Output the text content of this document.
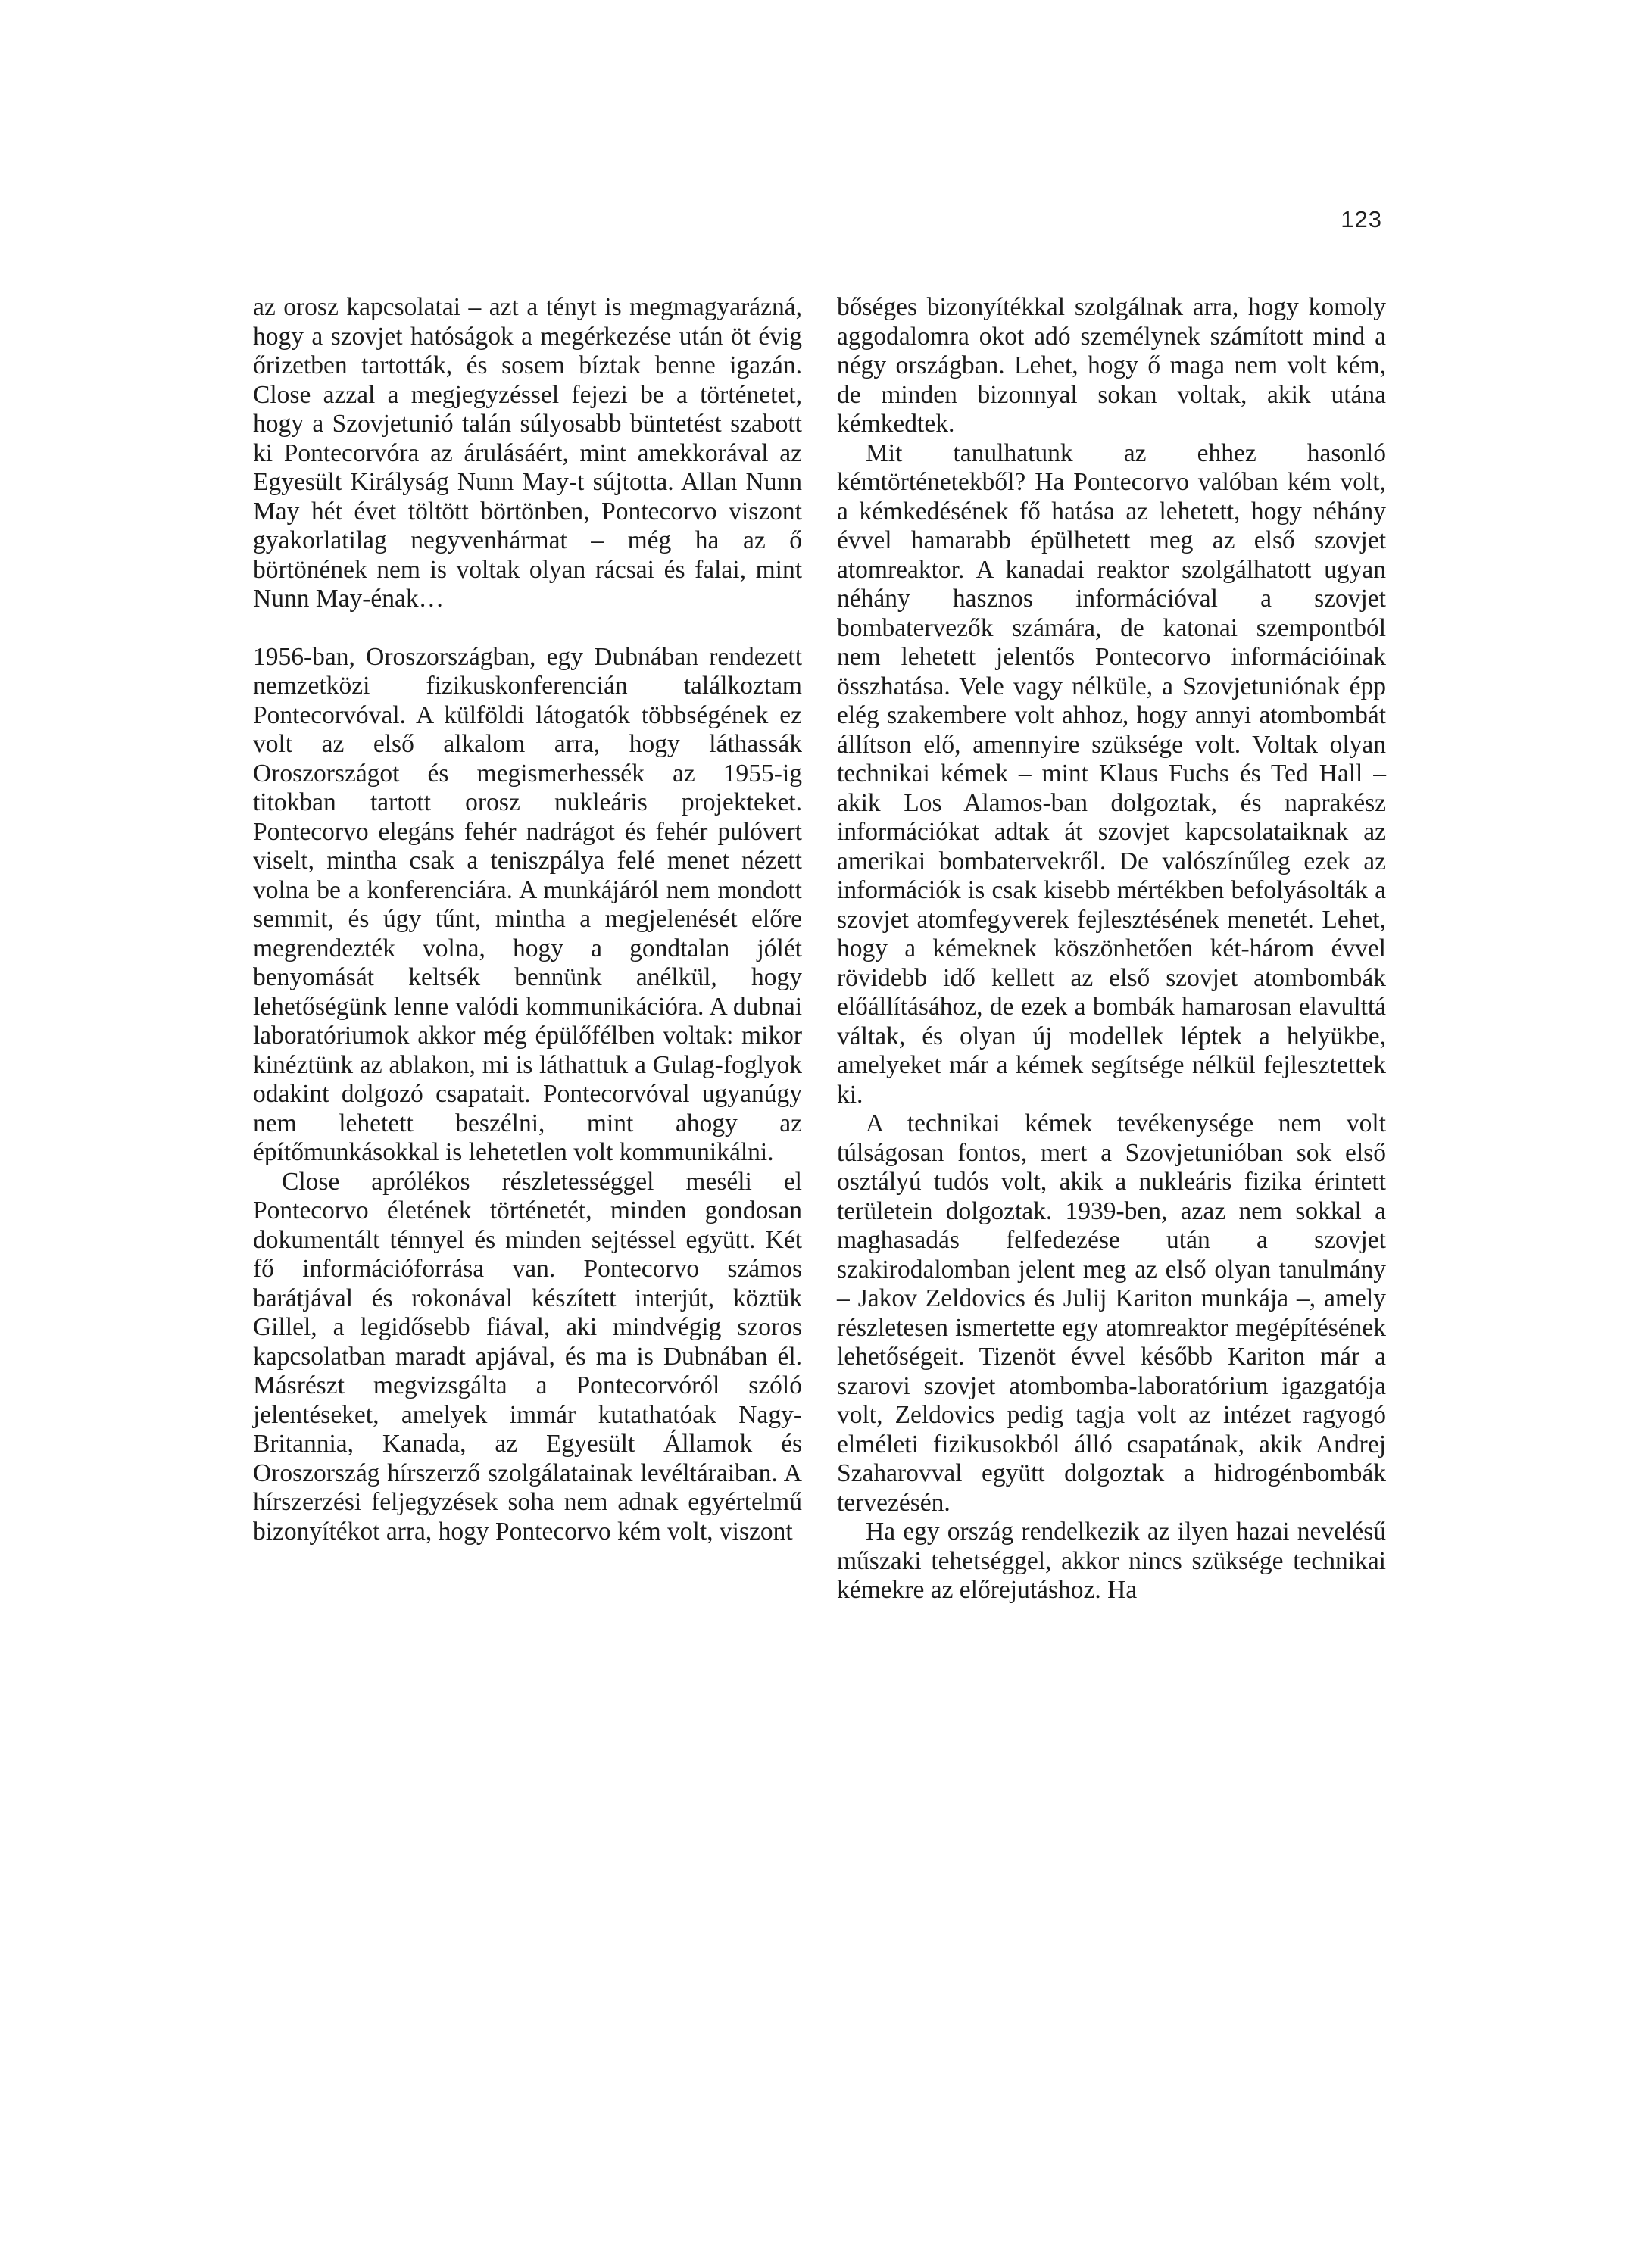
123

az orosz kapcsolatai – azt a tényt is megmagyarázná, hogy a szovjet hatóságok a megérkezése után öt évig őrizetben tartották, és sosem bíztak benne igazán. Close azzal a megjegyzéssel fejezi be a történetet, hogy a Szovjetunió talán súlyosabb büntetést szabott ki Pontecorvóra az árulásáért, mint amekkorával az Egyesült Királyság Nunn May-t sújtotta. Allan Nunn May hét évet töltött börtönben, Pontecorvo viszont gyakorlatilag negyvenhármat – még ha az ő börtönének nem is voltak olyan rácsai és falai, mint Nunn May-énak…

1956-ban, Oroszországban, egy Dubnában rendezett nemzetközi fizikuskonferencián találkoztam Pontecorvóval. A külföldi látogatók többségének ez volt az első alkalom arra, hogy láthassák Oroszországot és megismerhessék az 1955-ig titokban tartott orosz nukleáris projekteket. Pontecorvo elegáns fehér nadrágot és fehér pulóvert viselt, mintha csak a teniszpálya felé menet nézett volna be a konferenciára. A munkájáról nem mondott semmit, és úgy tűnt, mintha a megjelenését előre megrendezték volna, hogy a gondtalan jólét benyomását keltsék bennünk anélkül, hogy lehetőségünk lenne valódi kommunikációra. A dubnai laboratóriumok akkor még épülőfélben voltak: mikor kinéztünk az ablakon, mi is láthattuk a Gulag-foglyok odakint dolgozó csapatait. Pontecorvóval ugyanúgy nem lehetett beszélni, mint ahogy az építőmunkásokkal is lehetetlen volt kommunikálni.

Close aprólékos részletességgel meséli el Pontecorvo életének történetét, minden gondosan dokumentált ténnyel és minden sejtéssel együtt. Két fő információforrása van. Pontecorvo számos barátjával és rokonával készített interjút, köztük Gillel, a legidősebb fiával, aki mindvégig szoros kapcsolatban maradt apjával, és ma is Dubnában él. Másrészt megvizsgálta a Pontecorvóról szóló jelentéseket, amelyek immár kutathatóak Nagy-Britannia, Kanada, az Egyesült Államok és Oroszország hírszerző szolgálatainak levéltáraiban. A hírszerzési feljegyzések soha nem adnak egyértelmű bizonyítékot arra, hogy Pontecorvo kém volt, viszont

bőséges bizonyítékkal szolgálnak arra, hogy komoly aggodalomra okot adó személynek számított mind a négy országban. Lehet, hogy ő maga nem volt kém, de minden bizonnyal sokan voltak, akik utána kémkedtek.

Mit tanulhatunk az ehhez hasonló kémtörténetekből? Ha Pontecorvo valóban kém volt, a kémkedésének fő hatása az lehetett, hogy néhány évvel hamarabb épülhetett meg az első szovjet atomreaktor. A kanadai reaktor szolgálhatott ugyan néhány hasznos információval a szovjet bombatervezők számára, de katonai szempontból nem lehetett jelentős Pontecorvo információinak összhatása. Vele vagy nélküle, a Szovjetuniónak épp elég szakembere volt ahhoz, hogy annyi atombombát állítson elő, amennyire szüksége volt. Voltak olyan technikai kémek – mint Klaus Fuchs és Ted Hall – akik Los Alamos-ban dolgoztak, és naprakész információkat adtak át szovjet kapcsolataiknak az amerikai bombatervekről. De valószínűleg ezek az információk is csak kisebb mértékben befolyásolták a szovjet atomfegyverek fejlesztésének menetét. Lehet, hogy a kémeknek köszönhetően két-három évvel rövidebb idő kellett az első szovjet atombombák előállításához, de ezek a bombák hamarosan elavulttá váltak, és olyan új modellek léptek a helyükbe, amelyeket már a kémek segítsége nélkül fejlesztettek ki.

A technikai kémek tevékenysége nem volt túlságosan fontos, mert a Szovjetunióban sok első osztályú tudós volt, akik a nukleáris fizika érintett területein dolgoztak. 1939-ben, azaz nem sokkal a maghasadás felfedezése után a szovjet szakirodalomban jelent meg az első olyan tanulmány – Jakov Zeldovics és Julij Kariton munkája –, amely részletesen ismertette egy atomreaktor megépítésének lehetőségeit. Tizenöt évvel később Kariton már a szarovi szovjet atombomba-laboratórium igazgatója volt, Zeldovics pedig tagja volt az intézet ragyogó elméleti fizikusokból álló csapatának, akik Andrej Szaharovval együtt dolgoztak a hidrogénbombák tervezésén.

Ha egy ország rendelkezik az ilyen hazai nevelésű műszaki tehetséggel, akkor nincs szüksége technikai kémekre az előrejutáshoz. Ha
